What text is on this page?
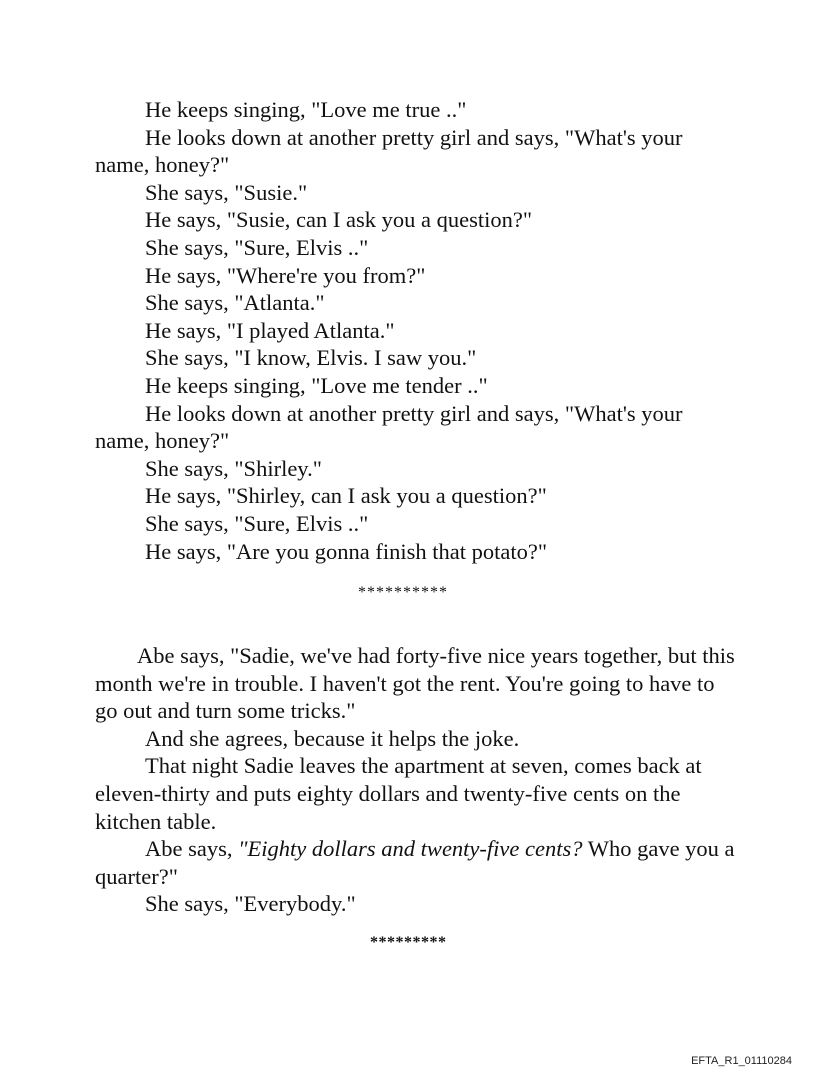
He keeps singing, "Love me true .."

He looks down at another pretty girl and says, "What's your name, honey?"

She says, "Susie."

He says, "Susie, can I ask you a question?"

She says, "Sure, Elvis .."

He says, "Where're you from?"

She says, "Atlanta."

He says, "I played Atlanta."

She says, "I know, Elvis. I saw you."

He keeps singing, "Love me tender .."

He looks down at another pretty girl and says, "What's your name, honey?"

She says, "Shirley."

He says, "Shirley, can I ask you a question?"

She says, "Sure, Elvis .."

He says, "Are you gonna finish that potato?"

**********

Abe says, "Sadie, we've had forty-five nice years together, but this month we're in trouble. I haven't got the rent. You're going to have to go out and turn some tricks."

And she agrees, because it helps the joke.

That night Sadie leaves the apartment at seven, comes back at eleven-thirty and puts eighty dollars and twenty-five cents on the kitchen table.

Abe says, "Eighty dollars and twenty-five cents? Who gave you a quarter?"

She says, "Everybody."

*********
EFTA_R1_01110284
